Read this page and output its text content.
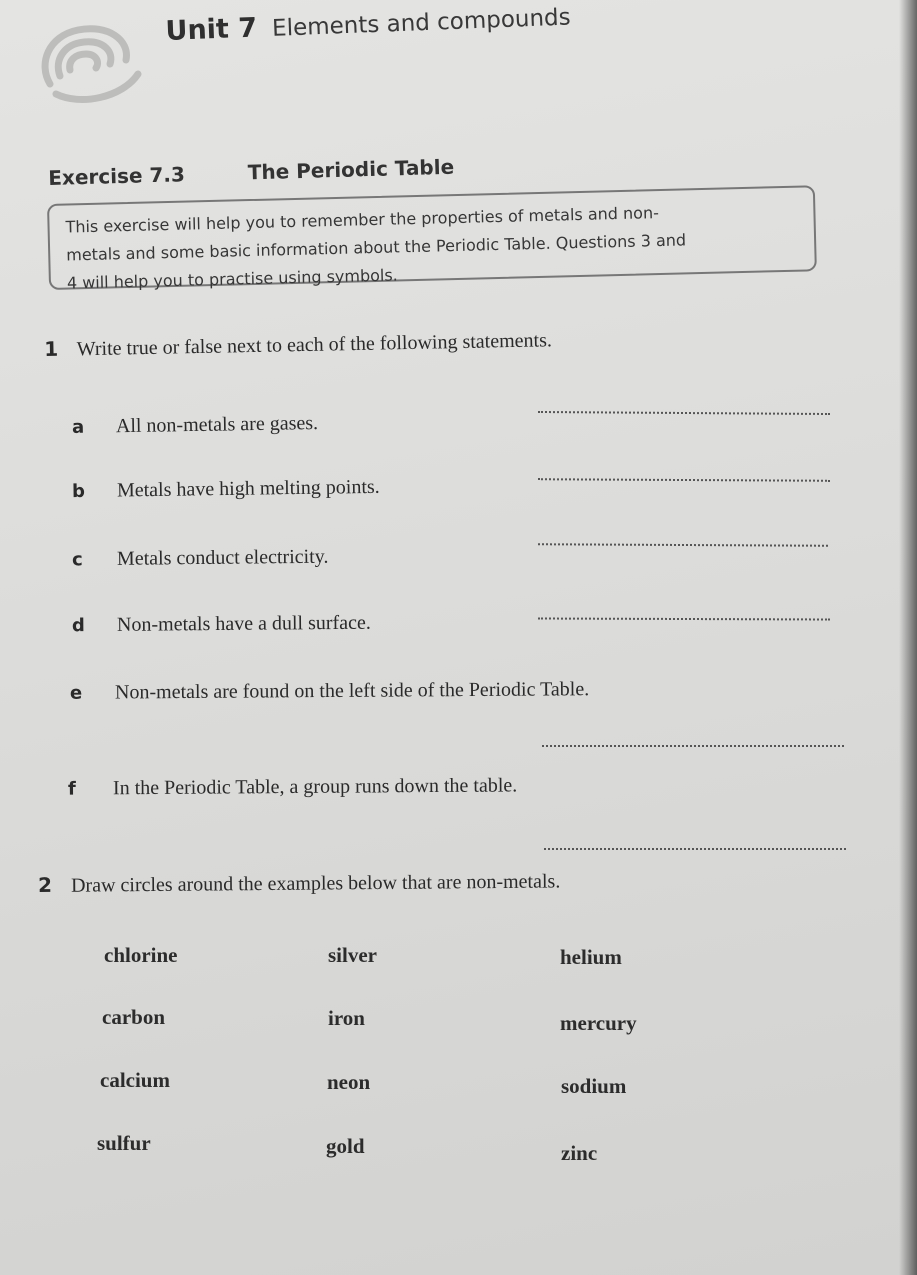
Unit 7 Elements and compounds
Exercise 7.3	The Periodic Table
This exercise will help you to remember the properties of metals and non-
metals and some basic information about the Periodic Table. Questions 3 and
4 will help you to practise using symbols.
1 Write true or false next to each of the following statements.
a All non-metals are gases.
b Metals have high melting points.
c Metals conduct electricity.
d Non-metals have a dull surface.
e Non-metals are found on the left side of the Periodic Table.
f In the Periodic Table, a group runs down the table.
2 Draw circles around the examples below that are non-metals.
chlorine	silver	helium
carbon	iron	mercury
calcium	neon	sodium
sulfur	gold	zinc
